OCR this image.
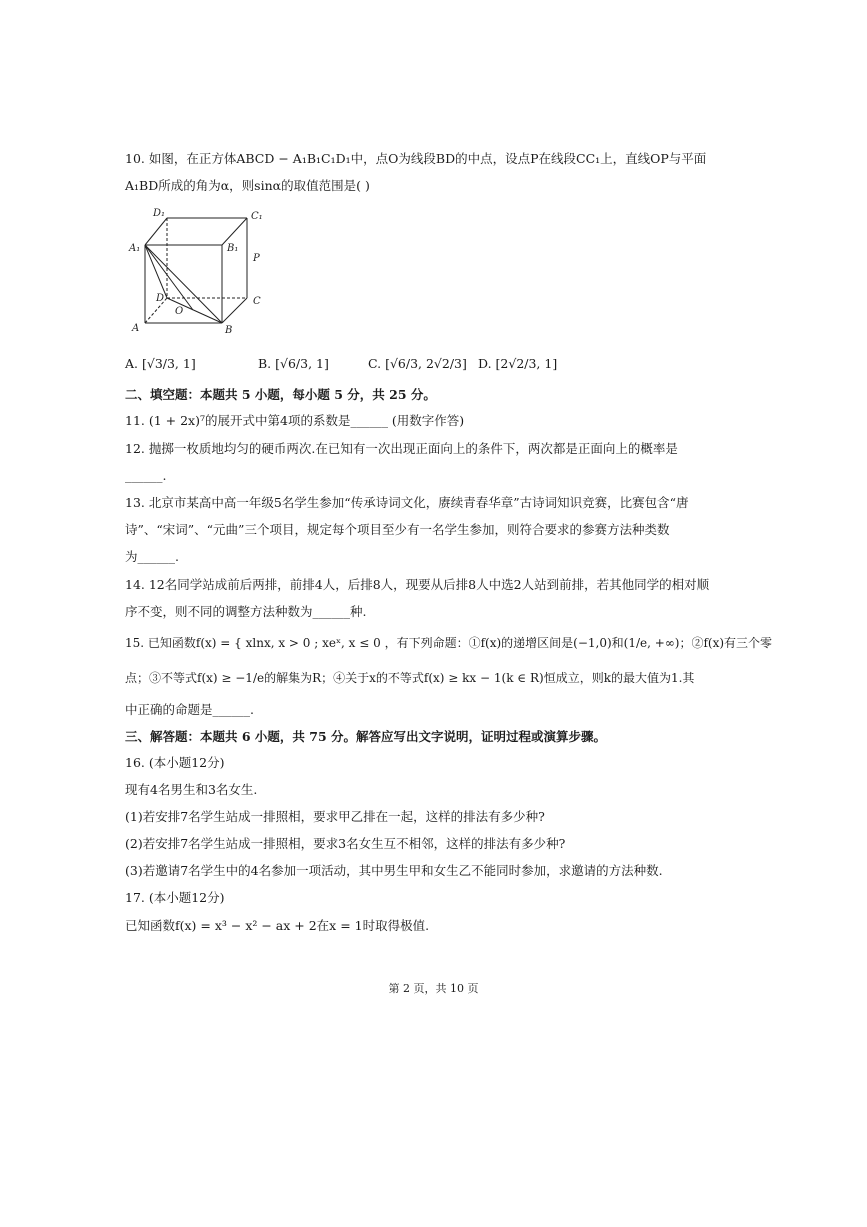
10. 如图，在正方体ABCD − A₁B₁C₁D₁中，点O为线段BD的中点，设点P在线段CC₁上，直线OP与平面
A₁BD所成的角为α，则sinα的取值范围是( )
D₁	C₁
A₁	B₁
P
D
O
C
A	B
A. [√3/3, 1]	B. [√6/3, 1]	C. [√6/3, 2√2/3] D. [2√2/3, 1]
二、填空题：本题共 5 小题，每小题 5 分，共 25 分。
11. (1 + 2x)⁷的展开式中第4项的系数是______ (用数字作答)
12. 抛掷一枚质地均匀的硬币两次.在已知有一次出现正面向上的条件下，两次都是正面向上的概率是
______.
13. 北京市某高中高一年级5名学生参加“传承诗词文化，赓续青春华章”古诗词知识竞赛，比赛包含“唐
诗”、“宋词”、“元曲”三个项目，规定每个项目至少有一名学生参加，则符合要求的参赛方法种类数
为______.
14. 12名同学站成前后两排，前排4人，后排8人，现要从后排8人中选2人站到前排，若其他同学的相对顺
序不变，则不同的调整方法种数为______种.
15. 已知函数f(x) = { xlnx, x > 0 ; xeˣ, x ≤ 0 ，有下列命题：①f(x)的递增区间是(−1,0)和(1/e, +∞)；②f(x)有三个零
点；③不等式f(x) ≥ −1/e的解集为R；④关于x的不等式f(x) ≥ kx − 1(k ∈ R)恒成立，则k的最大值为1.其
中正确的命题是______.
三、解答题：本题共 6 小题，共 75 分。解答应写出文字说明，证明过程或演算步骤。
16. (本小题12分)
现有4名男生和3名女生.
(1)若安排7名学生站成一排照相，要求甲乙排在一起，这样的排法有多少种?
(2)若安排7名学生站成一排照相，要求3名女生互不相邻，这样的排法有多少种?
(3)若邀请7名学生中的4名参加一项活动，其中男生甲和女生乙不能同时参加，求邀请的方法种数.
17. (本小题12分)
已知函数f(x) = x³ − x² − ax + 2在x = 1时取得极值.
第 2 页，共 10 页
